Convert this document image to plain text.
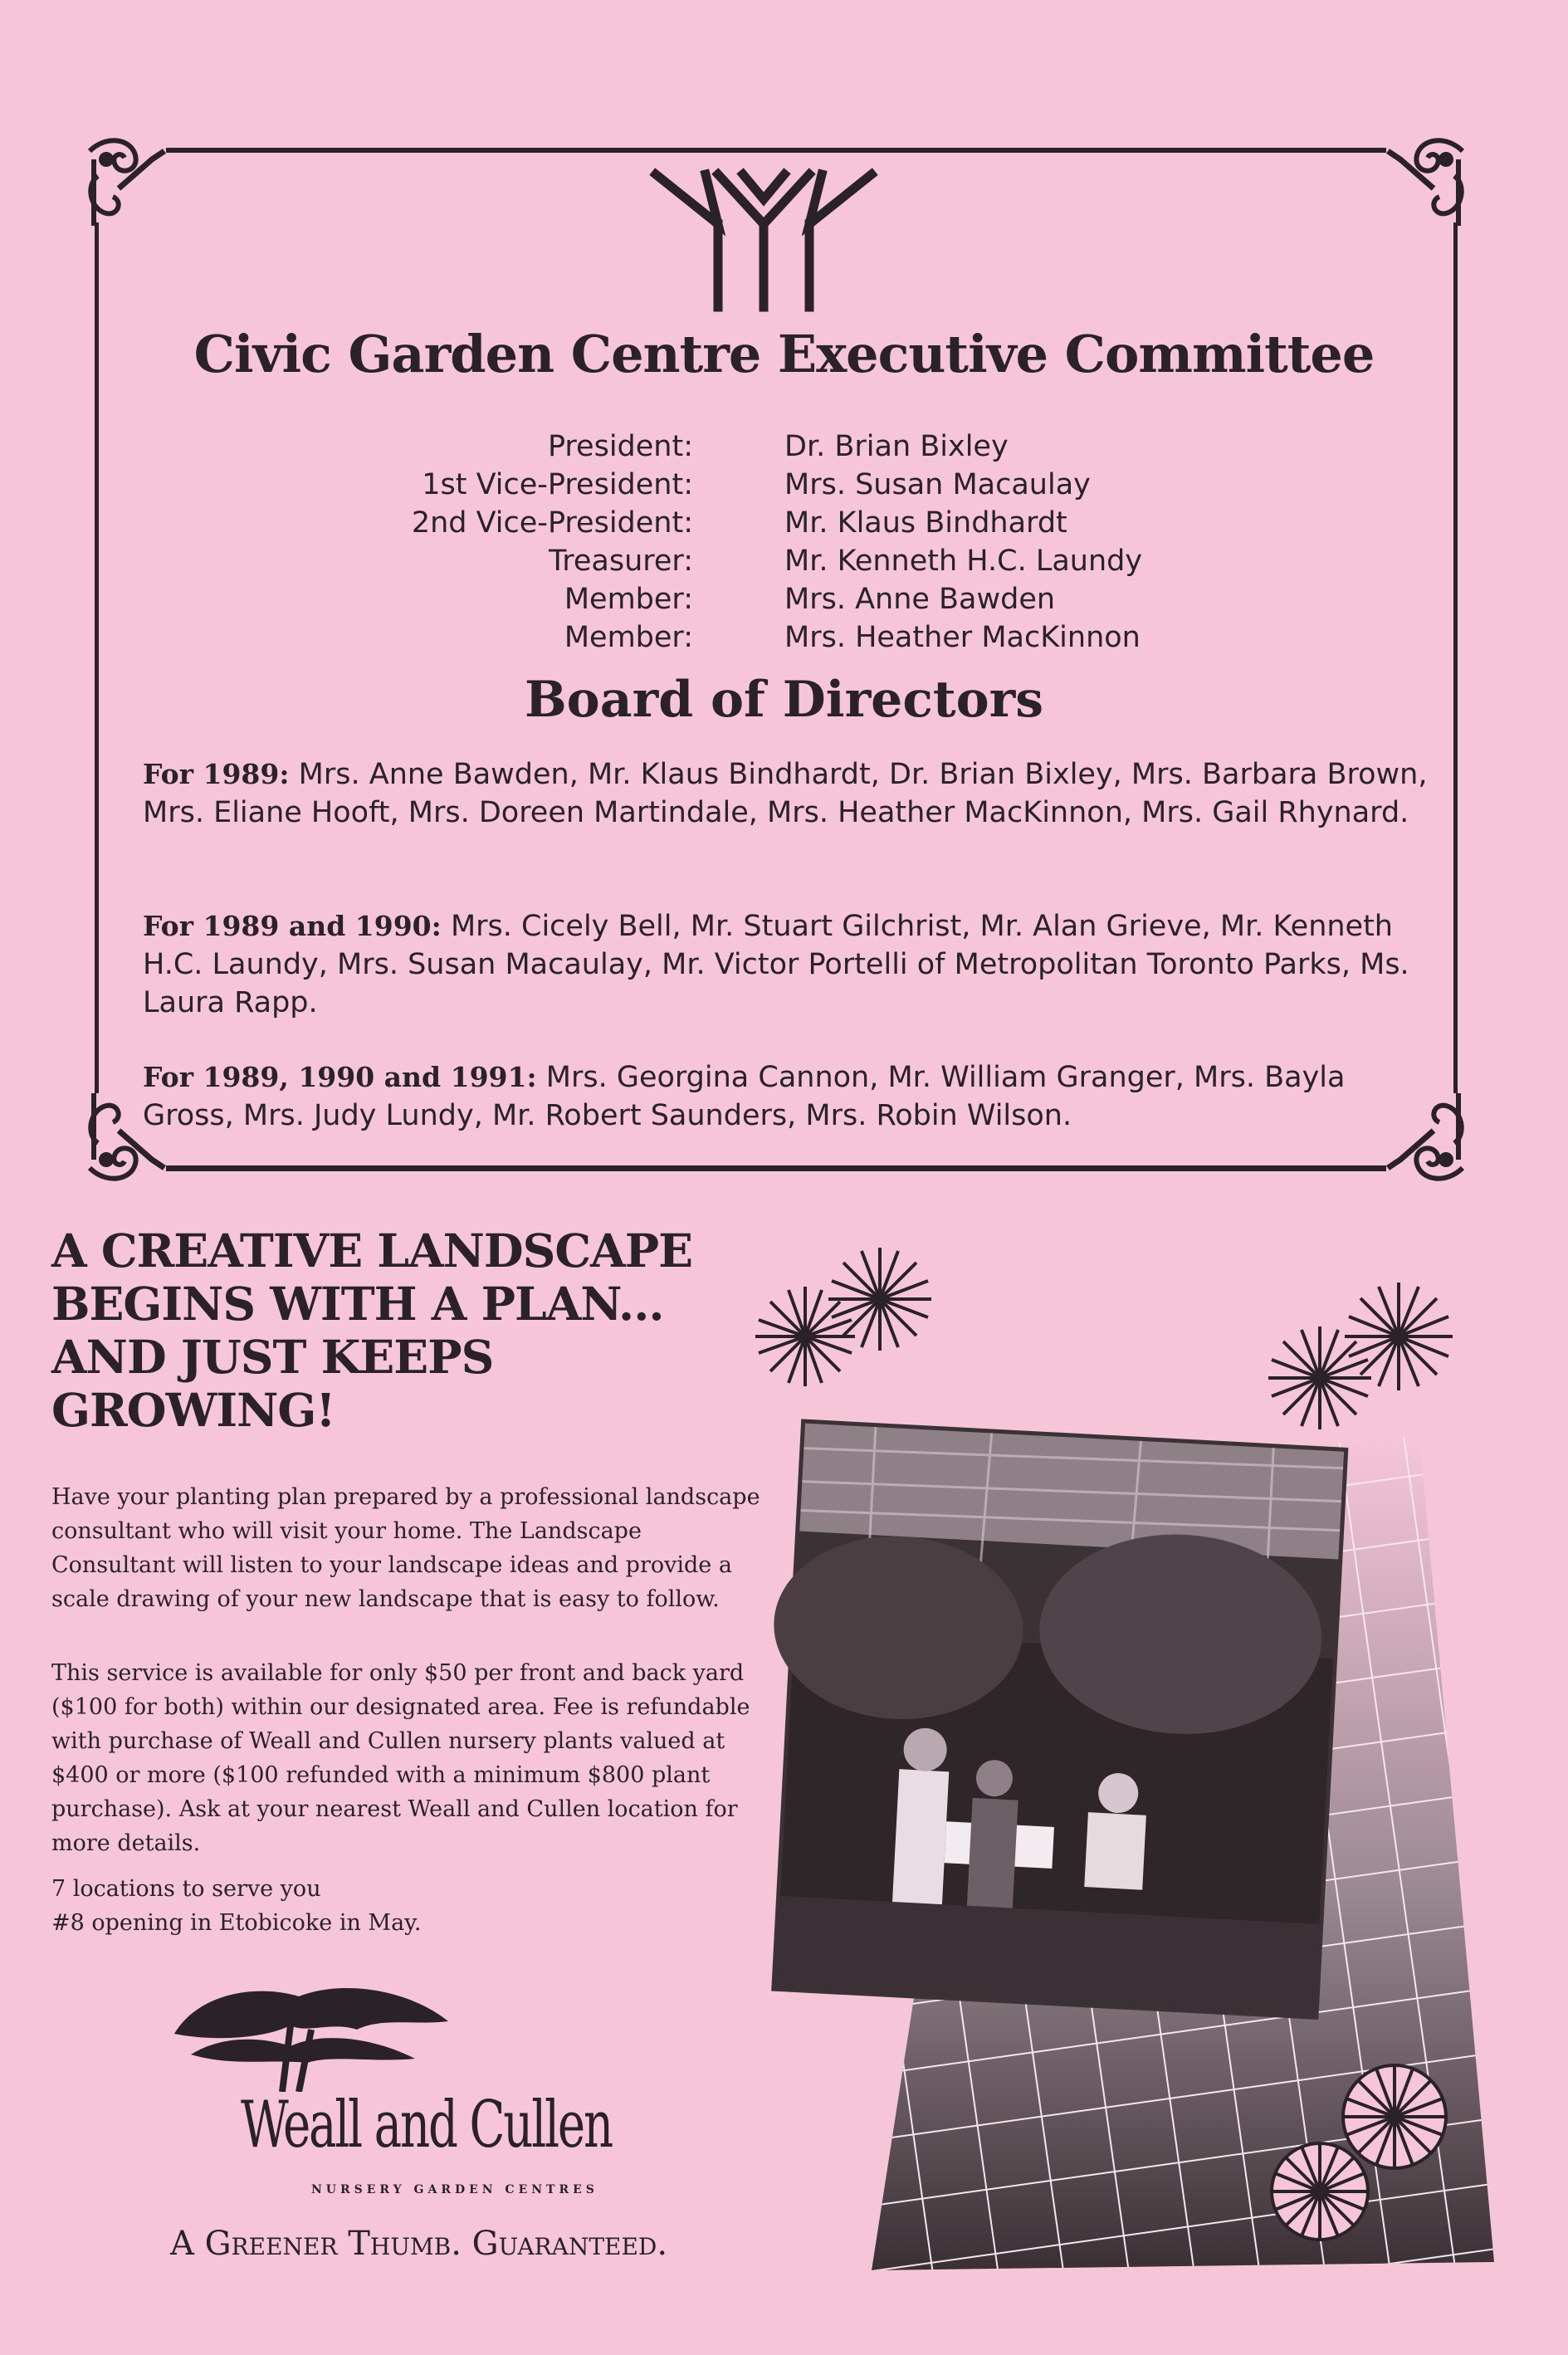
Civic Garden Centre Executive Committee
President:	Dr. Brian Bixley
1st Vice-President:	Mrs. Susan Macaulay
2nd Vice-President:	Mr. Klaus Bindhardt
Treasurer:	Mr. Kenneth H.C. Laundy
Member:	Mrs. Anne Bawden
Member:	Mrs. Heather MacKinnon
Board of Directors
For 1989: Mrs. Anne Bawden, Mr. Klaus Bindhardt, Dr. Brian Bixley, Mrs. Barbara Brown, Mrs. Eliane Hooft, Mrs. Doreen Martindale, Mrs. Heather MacKinnon, Mrs. Gail Rhynard.
For 1989 and 1990: Mrs. Cicely Bell, Mr. Stuart Gilchrist, Mr. Alan Grieve, Mr. Kenneth H.C. Laundy, Mrs. Susan Macaulay, Mr. Victor Portelli of Metropolitan Toronto Parks, Ms. Laura Rapp.
For 1989, 1990 and 1991: Mrs. Georgina Cannon, Mr. William Granger, Mrs. Bayla Gross, Mrs. Judy Lundy, Mr. Robert Saunders, Mrs. Robin Wilson.
A CREATIVE LANDSCAPE
BEGINS WITH A PLAN...
AND JUST KEEPS
GROWING!

Have your planting plan prepared by a professional landscape consultant who will visit your home. The Landscape Consultant will listen to your landscape ideas and provide a scale drawing of your new landscape that is easy to follow.

This service is available for only $50 per front and back yard ($100 for both) within our designated area. Fee is refundable with purchase of Weall and Cullen nursery plants valued at $400 or more ($100 refunded with a minimum $800 plant purchase). Ask at your nearest Weall and Cullen location for more details.

7 locations to serve you
#8 opening in Etobicoke in May.
Weall and Cullen
NURSERY GARDEN CENTRES
A Greener Thumb. Guaranteed.
